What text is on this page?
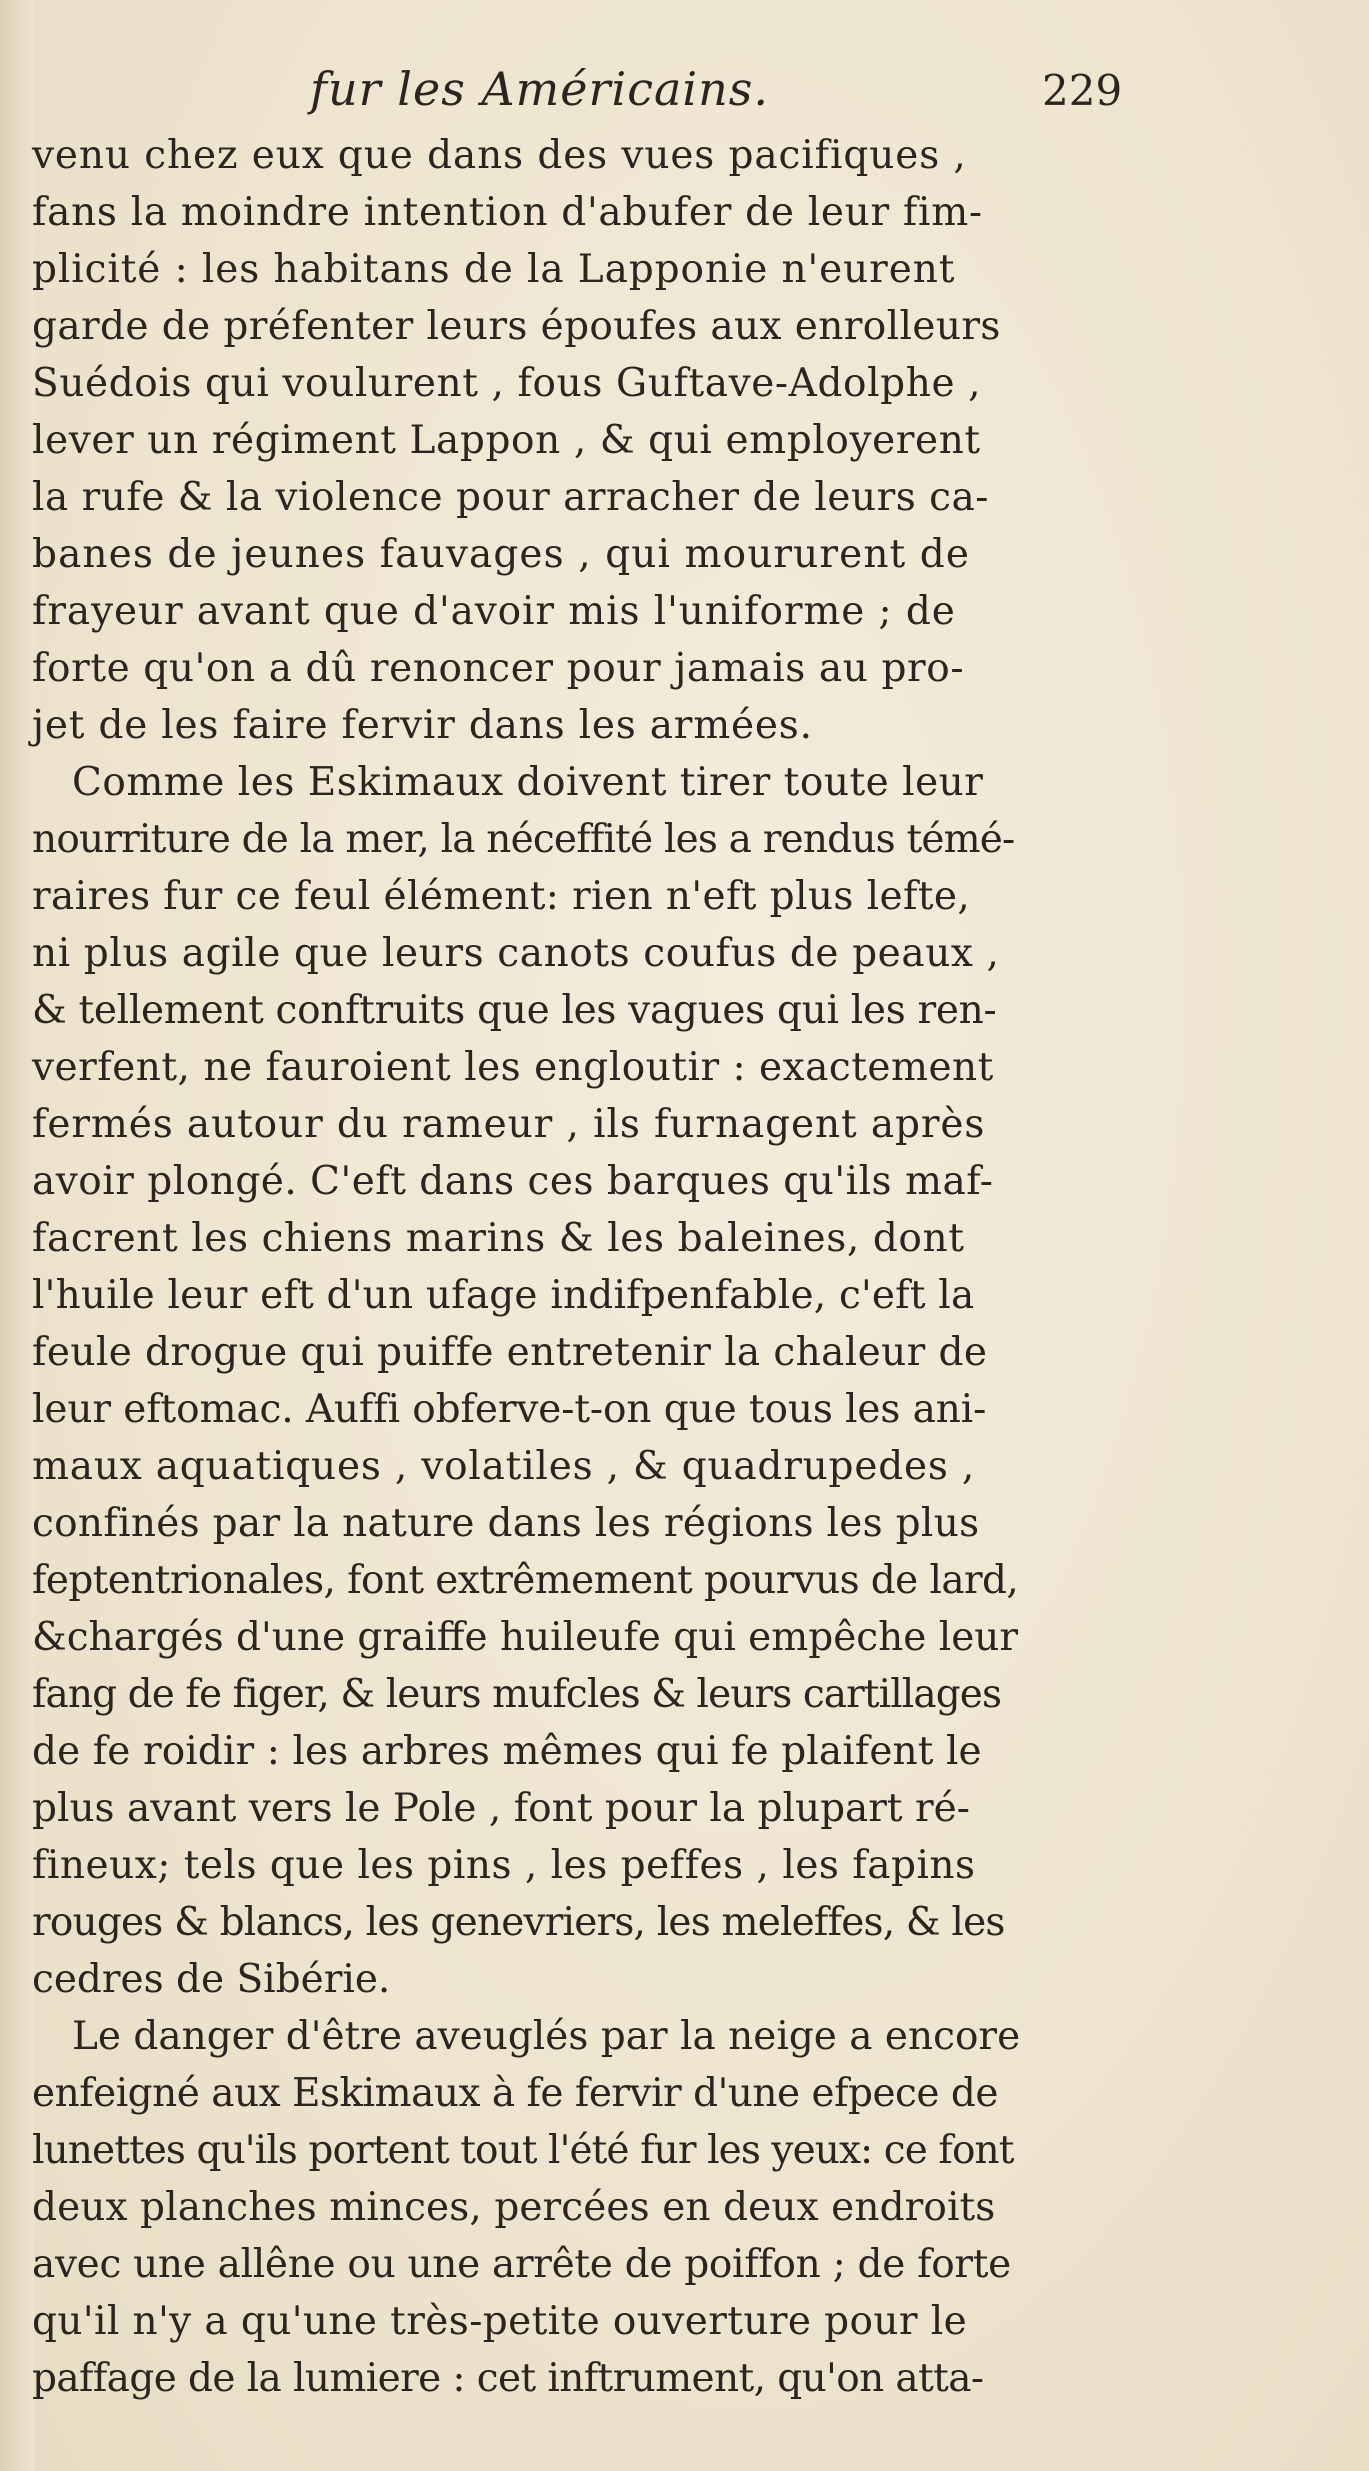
fur les Américains.	229
venu chez eux que dans des vues pacifiques ,
fans la moindre intention d'abufer de leur fim-
plicité : les habitans de la Lapponie n'eurent
garde de préfenter leurs époufes aux enrolleurs
Suédois qui voulurent , fous Guftave-Adolphe ,
lever un régiment Lappon , & qui employerent
la rufe & la violence pour arracher de leurs ca-
banes de jeunes fauvages , qui moururent de
frayeur avant que d'avoir mis l'uniforme ; de
forte qu'on a dû renoncer pour jamais au pro-
jet de les faire fervir dans les armées.
Comme les Eskimaux doivent tirer toute leur
nourriture de la mer, la néceffité les a rendus témé-
raires fur ce feul élément: rien n'eft plus lefte,
ni plus agile que leurs canots coufus de peaux ,
& tellement conftruits que les vagues qui les ren-
verfent, ne fauroient les engloutir : exactement
fermés autour du rameur , ils furnagent après
avoir plongé. C'eft dans ces barques qu'ils maf-
facrent les chiens marins & les baleines, dont
l'huile leur eft d'un ufage indifpenfable, c'eft la
feule drogue qui puiffe entretenir la chaleur de
leur eftomac. Auffi obferve-t-on que tous les ani-
maux aquatiques , volatiles , & quadrupedes ,
confinés par la nature dans les régions les plus
feptentrionales, font extrêmement pourvus de lard,
&chargés d'une graiffe huileufe qui empêche leur
fang de fe figer, & leurs mufcles & leurs cartillages
de fe roidir : les arbres mêmes qui fe plaifent le
plus avant vers le Pole , font pour la plupart ré-
fineux; tels que les pins , les peffes , les fapins
rouges & blancs, les genevriers, les meleffes, & les
cedres de Sibérie.
Le danger d'être aveuglés par la neige a encore
enfeigné aux Eskimaux à fe fervir d'une efpece de
lunettes qu'ils portent tout l'été fur les yeux: ce font
deux planches minces, percées en deux endroits
avec une allêne ou une arrête de poiffon ; de forte
qu'il n'y a qu'une très-petite ouverture pour le
paffage de la lumiere : cet inftrument, qu'on atta-
